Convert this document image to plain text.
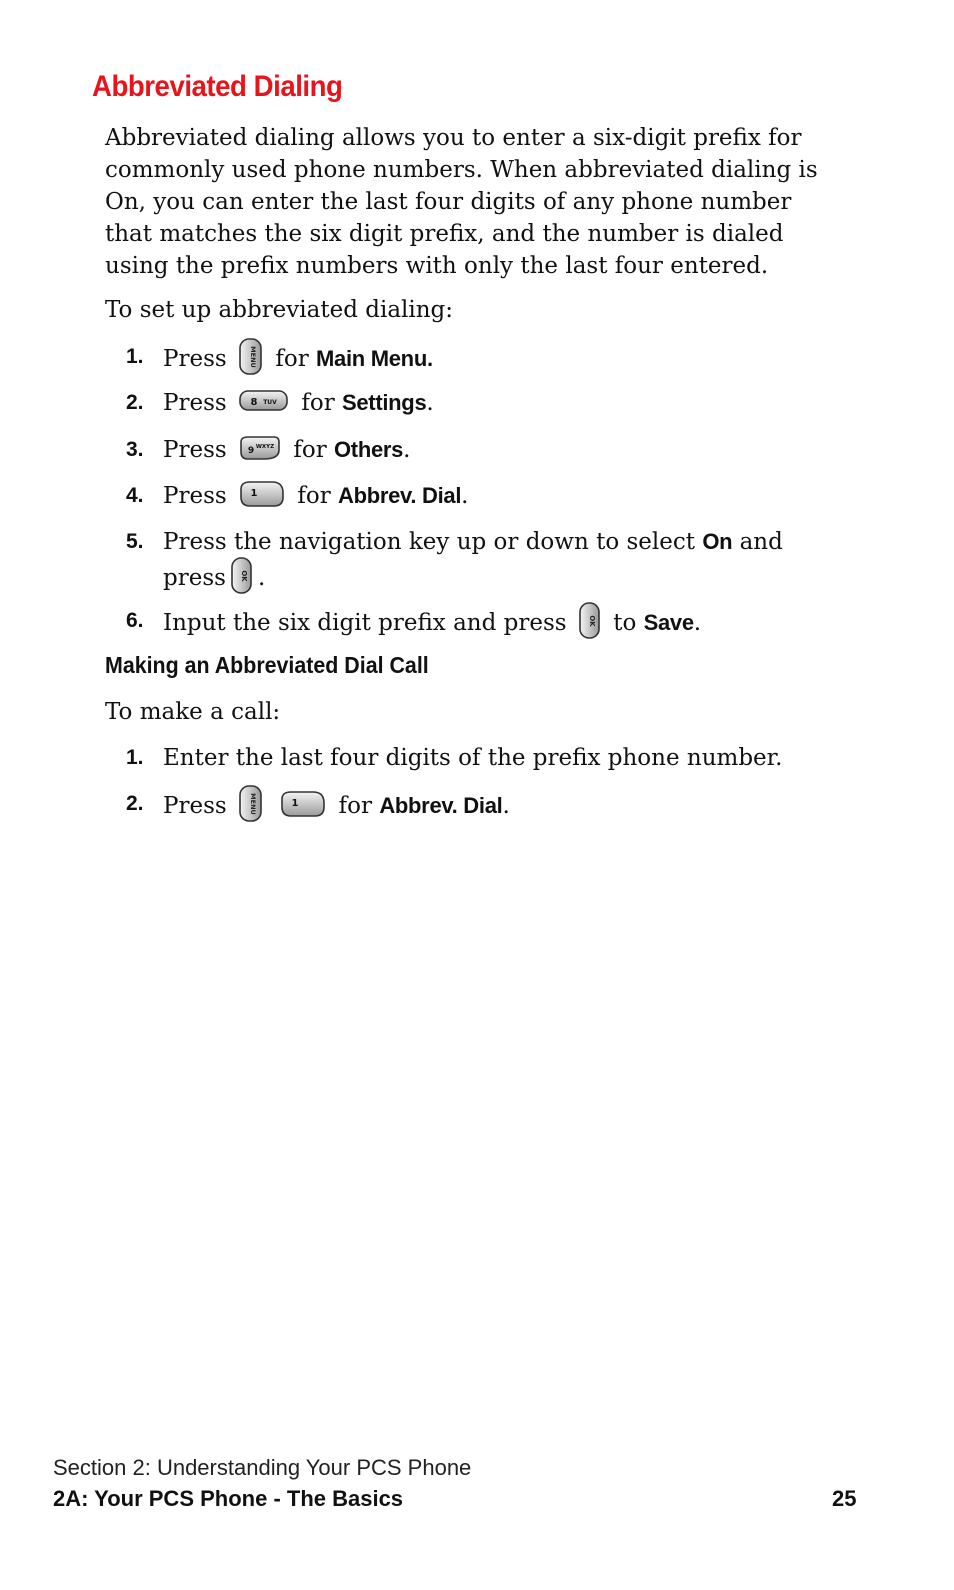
Abbreviated Dialing

Abbreviated dialing allows you to enter a six-digit prefix for commonly used phone numbers. When abbreviated dialing is On, you can enter the last four digits of any phone number that matches the six digit prefix, and the number is dialed using the prefix numbers with only the last four entered.

To set up abbreviated dialing:

1. Press	MENU for Main Menu.
2. Press 8 TUV for Settings.
3. Press 9 WXYZ for Others.
4. Press 1 for Abbrev. Dial.
5. Press the navigation key up or down to select On and
press OK .
6. Input the six digit prefix and press	OK to Save.
Making an Abbreviated Dial Call

To make a call:

1. Enter the last four digits of the prefix phone number.
2. Press	MENU
	1 for Abbrev. Dial.
Section 2: Understanding Your PCS Phone
2A: Your PCS Phone - The Basics	25
